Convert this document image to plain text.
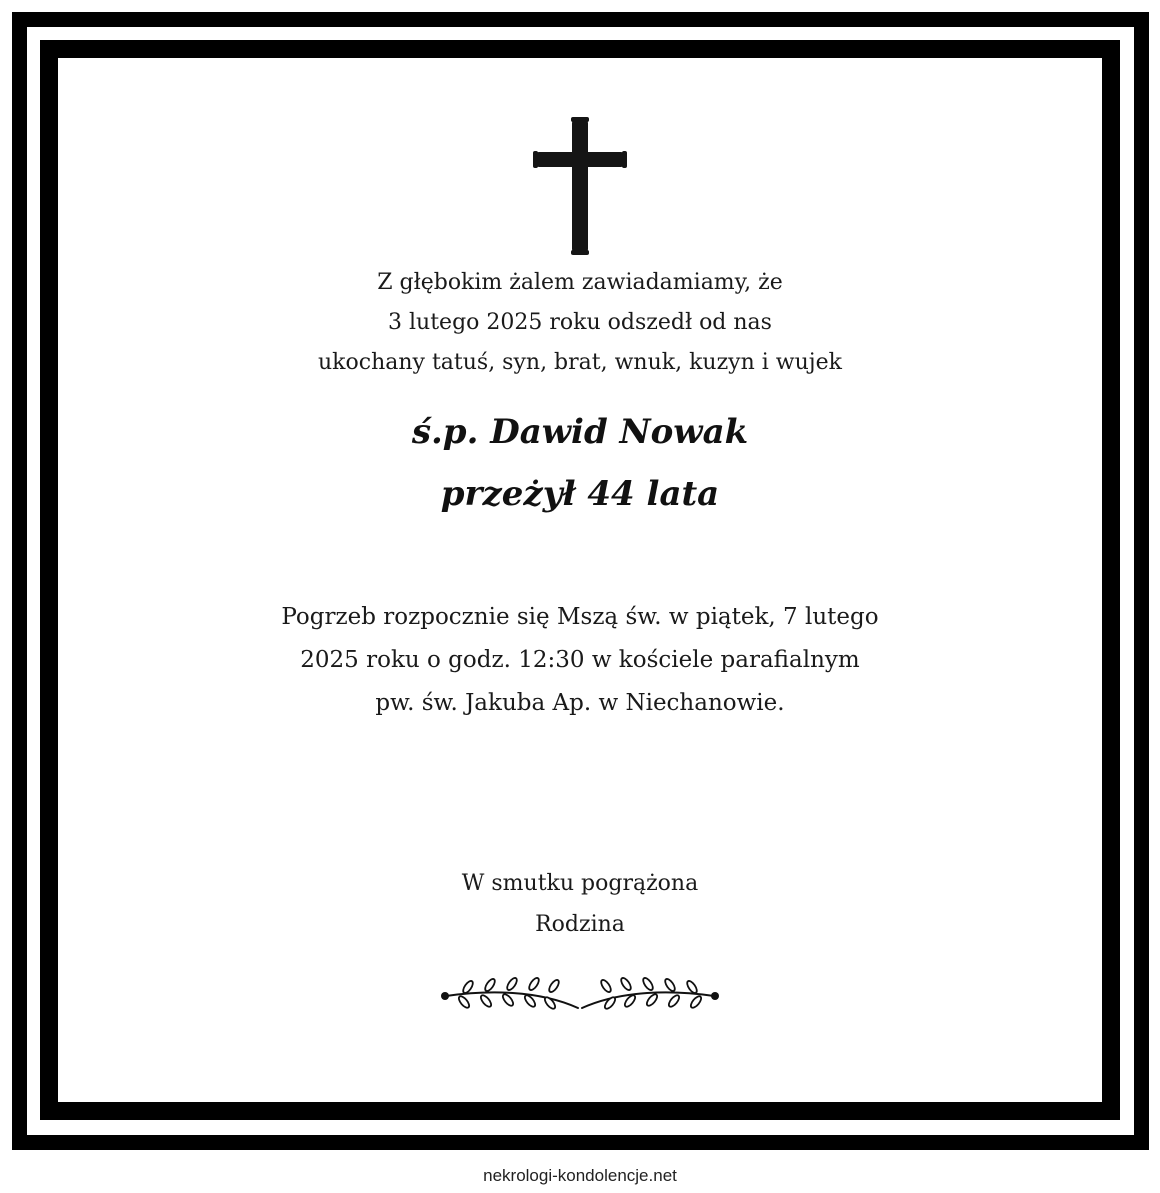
Z głębokim żalem zawiadamiamy, że
3 lutego 2025 roku odszedł od nas
ukochany tatuś, syn, brat, wnuk, kuzyn i wujek
ś.p. Dawid Nowak
przeżył 44 lata
Pogrzeb rozpocznie się Mszą św. w piątek, 7 lutego
2025 roku o godz. 12:30 w kościele parafialnym
pw. św. Jakuba Ap. w Niechanowie.
W smutku pogrążona
Rodzina
nekrologi-kondolencje.net
